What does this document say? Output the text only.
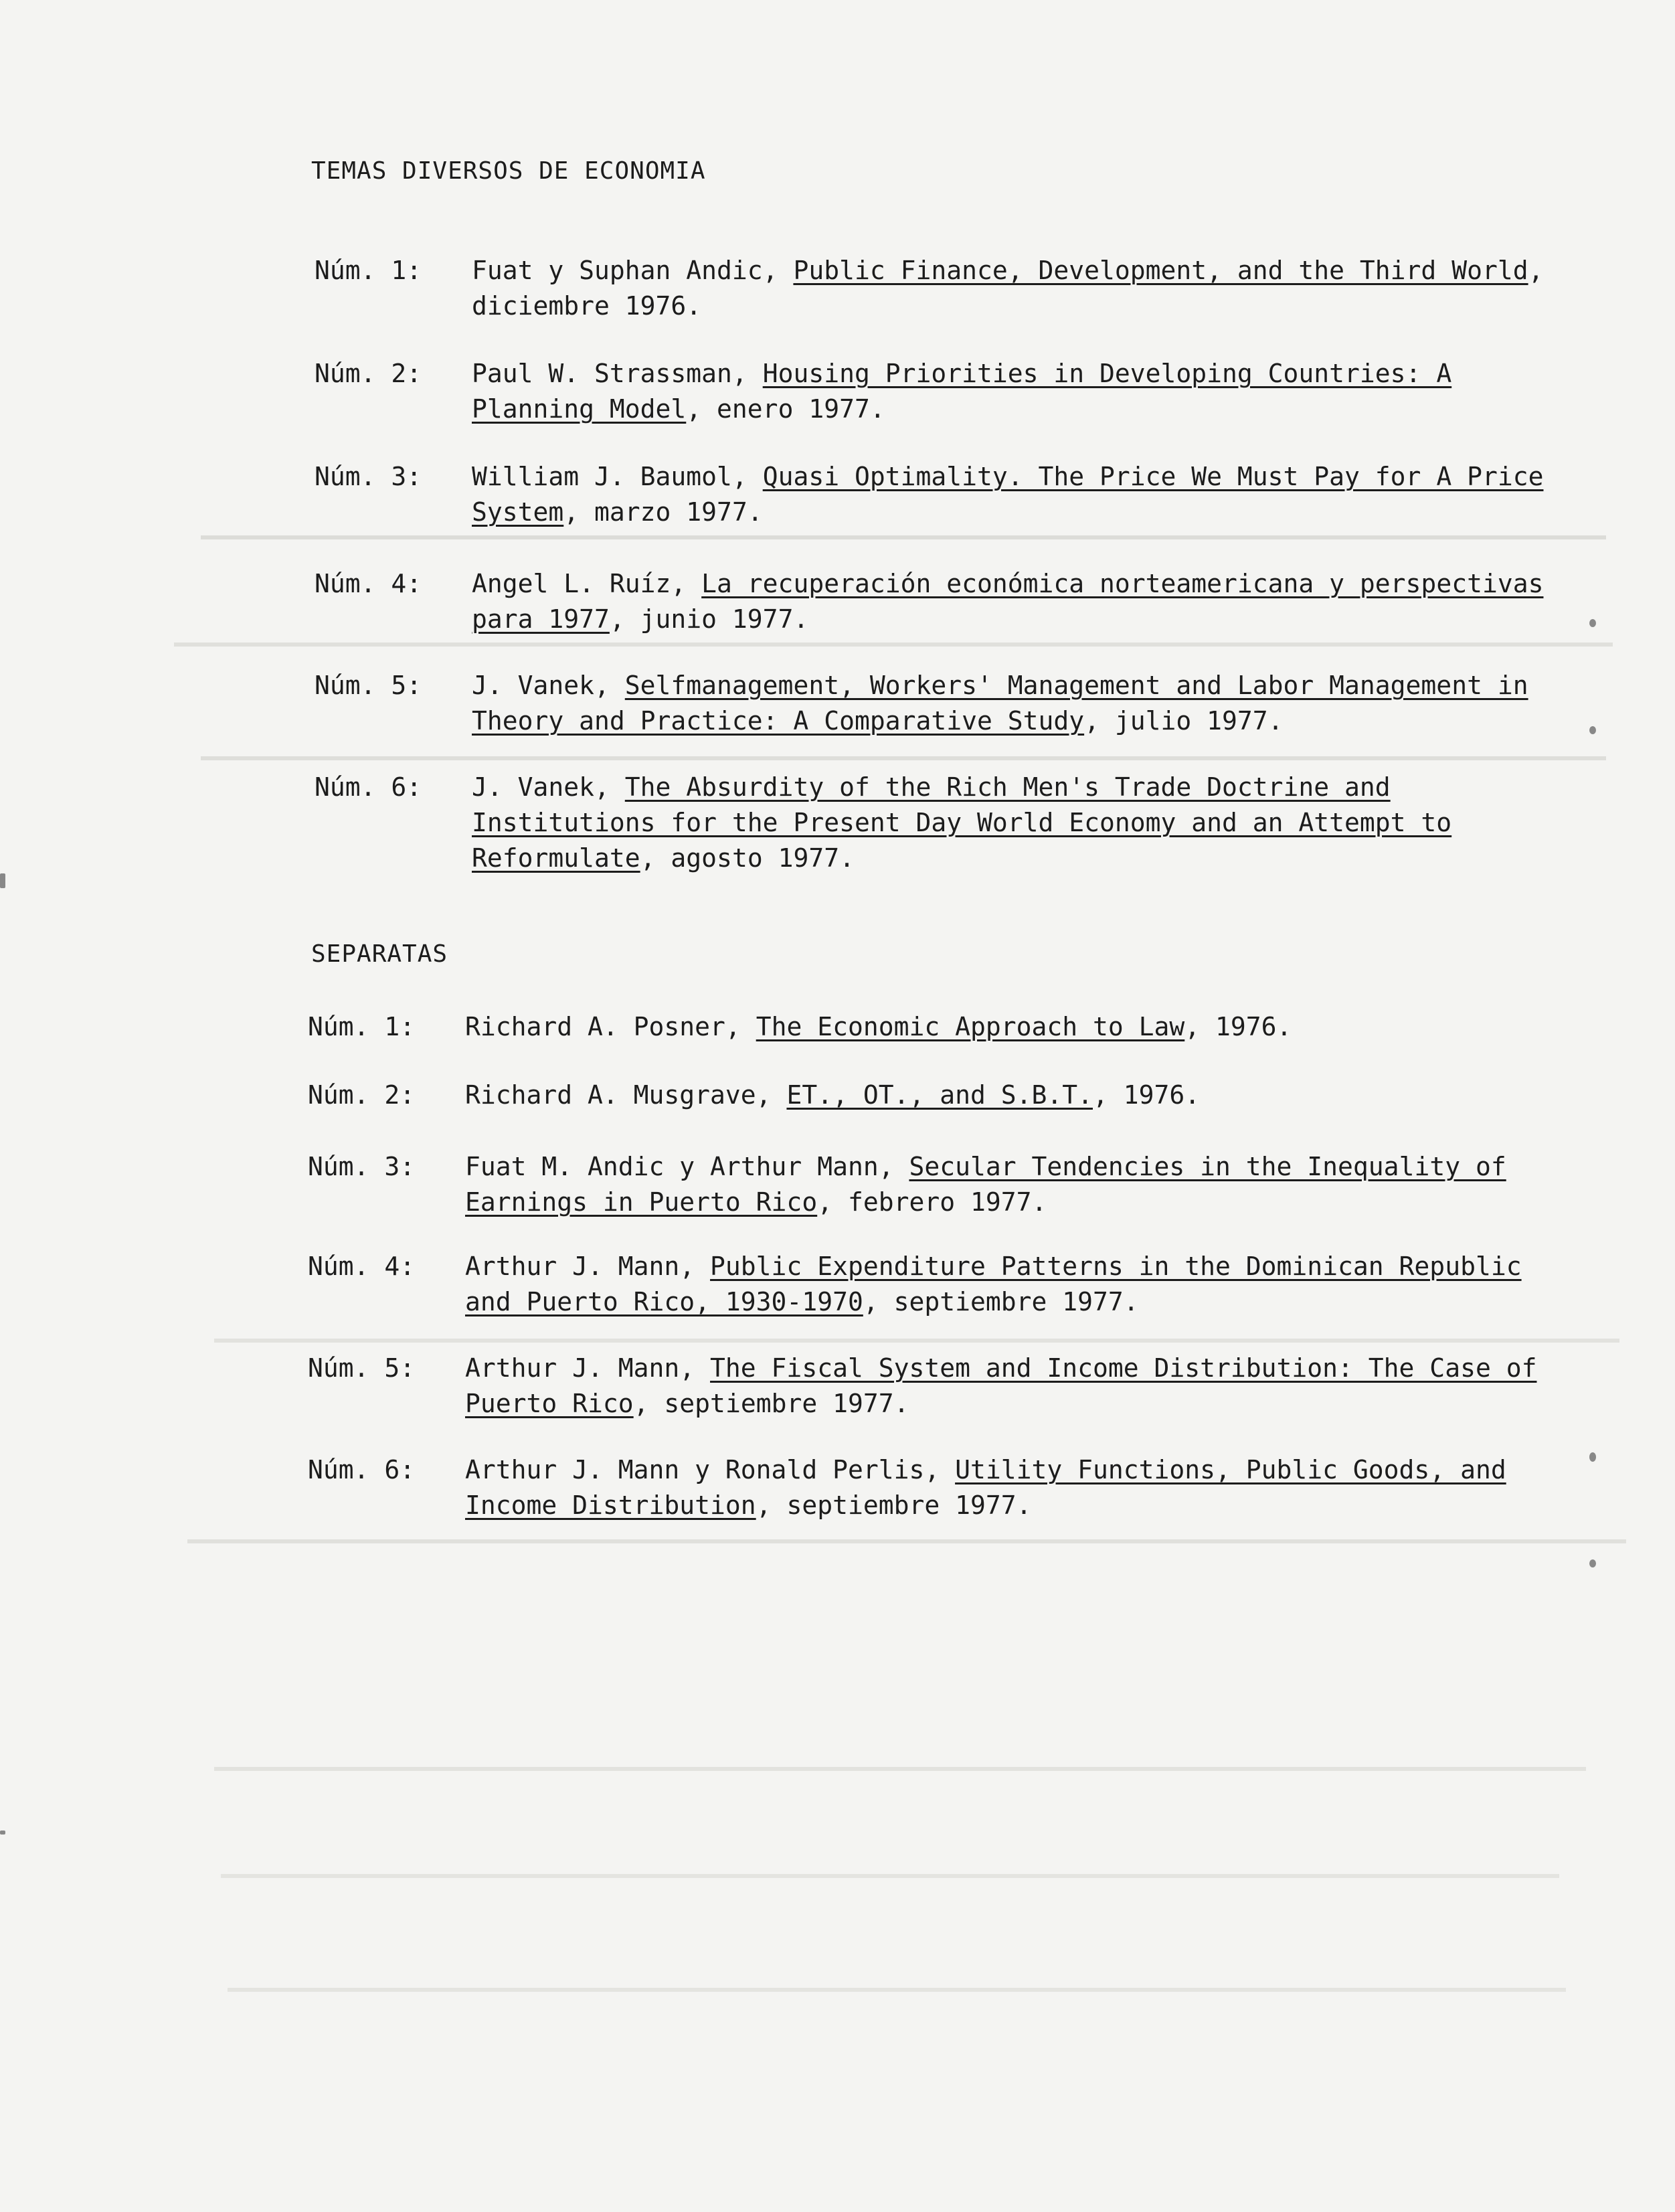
TEMAS DIVERSOS DE ECONOMIA
Núm. 1: Fuat y Suphan Andic, Public Finance, Development, and the Third World, diciembre 1976.
Núm. 2: Paul W. Strassman, Housing Priorities in Developing Countries: A Planning Model, enero 1977.
Núm. 3: William J. Baumol, Quasi Optimality. The Price We Must Pay for A Price System, marzo 1977.
Núm. 4: Angel L. Ruíz, La recuperación económica norteamericana y perspectivas para 1977, junio 1977.
Núm. 5: J. Vanek, Selfmanagement, Workers' Management and Labor Management in Theory and Practice: A Comparative Study, julio 1977.
Núm. 6: J. Vanek, The Absurdity of the Rich Men's Trade Doctrine and Institutions for the Present Day World Economy and an Attempt to Reformulate, agosto 1977.
SEPARATAS
Núm. 1: Richard A. Posner, The Economic Approach to Law, 1976.
Núm. 2: Richard A. Musgrave, ET., OT., and S.B.T., 1976.
Núm. 3: Fuat M. Andic y Arthur Mann, Secular Tendencies in the Inequality of Earnings in Puerto Rico, febrero 1977.
Núm. 4: Arthur J. Mann, Public Expenditure Patterns in the Dominican Republic and Puerto Rico, 1930-1970, septiembre 1977.
Núm. 5: Arthur J. Mann, The Fiscal System and Income Distribution: The Case of Puerto Rico, septiembre 1977.
Núm. 6: Arthur J. Mann y Ronald Perlis, Utility Functions, Public Goods, and Income Distribution, septiembre 1977.
